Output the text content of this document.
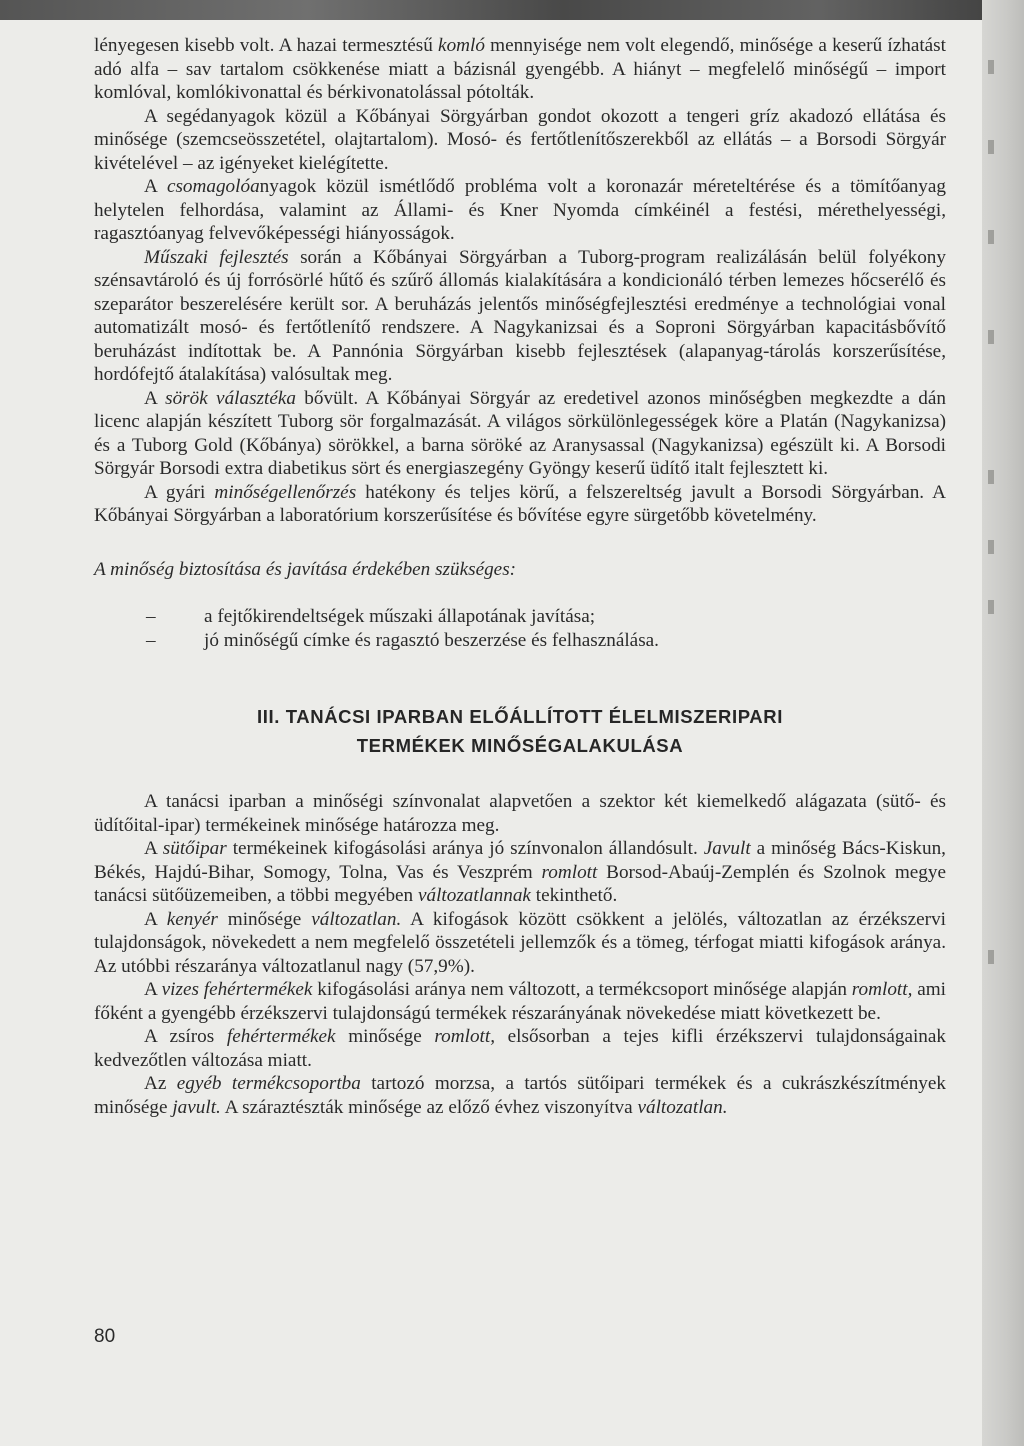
lényegesen kisebb volt. A hazai termesztésű komló mennyisége nem volt elegendő, minősége a keserű ízhatást adó alfa – sav tartalom csökkenése miatt a bázisnál gyengébb. A hiányt – megfelelő minőségű – import komlóval, komlókivonattal és bérkivonatolással pótolták.

A segédanyagok közül a Kőbányai Sörgyárban gondot okozott a tengeri gríz akadozó ellátása és minősége (szemcseösszetétel, olajtartalom). Mosó- és fertőtlenítőszerekből az ellátás – a Borsodi Sörgyár kivételével – az igényeket kielégítette.

A csomagolóanyagok közül ismétlődő probléma volt a koronazár méreteltérése és a tömítőanyag helytelen felhordása, valamint az Állami- és Kner Nyomda címkéinél a festési, mérethelyességi, ragasztóanyag felvevőképességi hiányosságok.

Műszaki fejlesztés során a Kőbányai Sörgyárban a Tuborg-program realizálásán belül folyékony szénsavtároló és új forrósörlé hűtő és szűrő állomás kialakítására a kondicionáló térben lemezes hőcserélő és szeparátor beszerelésére került sor. A beruházás jelentős minőségfejlesztési eredménye a technológiai vonal automatizált mosó- és fertőtlenítő rendszere. A Nagykanizsai és a Soproni Sörgyárban kapacitásbővítő beruházást indítottak be. A Pannónia Sörgyárban kisebb fejlesztések (alapanyag-tárolás korszerűsítése, hordófejtő átalakítása) valósultak meg.

A sörök választéka bővült. A Kőbányai Sörgyár az eredetivel azonos minőségben megkezdte a dán licenc alapján készített Tuborg sör forgalmazását. A világos sörkülönlegességek köre a Platán (Nagykanizsa) és a Tuborg Gold (Kőbánya) sörökkel, a barna söröké az Aranysassal (Nagykanizsa) egészült ki. A Borsodi Sörgyár Borsodi extra diabetikus sört és energiaszegény Gyöngy keserű üdítő italt fejlesztett ki.

A gyári minőségellenőrzés hatékony és teljes körű, a felszereltség javult a Borsodi Sörgyárban. A Kőbányai Sörgyárban a laboratórium korszerűsítése és bővítése egyre sürgetőbb követelmény.

A minőség biztosítása és javítása érdekében szükséges:

–	a fejtőkirendeltségek műszaki állapotának javítása;
–	jó minőségű címke és ragasztó beszerzése és felhasználása.
III. TANÁCSI IPARBAN ELŐÁLLÍTOTT ÉLELMISZERIPARI
TERMÉKEK MINŐSÉGALAKULÁSA

A tanácsi iparban a minőségi színvonalat alapvetően a szektor két kiemelkedő alágazata (sütő- és üdítőital-ipar) termékeinek minősége határozza meg.

A sütőipar termékeinek kifogásolási aránya jó színvonalon állandósult. Javult a minőség Bács-Kiskun, Békés, Hajdú-Bihar, Somogy, Tolna, Vas és Veszprém romlott Borsod-Abaúj-Zemplén és Szolnok megye tanácsi sütőüzemeiben, a többi megyében változatlannak tekinthető.

A kenyér minősége változatlan. A kifogások között csökkent a jelölés, változatlan az érzékszervi tulajdonságok, növekedett a nem megfelelő összetételi jellemzők és a tömeg, térfogat miatti kifogások aránya. Az utóbbi részaránya változatlanul nagy (57,9%).

A vizes fehértermékek kifogásolási aránya nem változott, a termékcsoport minősége alapján romlott, ami főként a gyengébb érzékszervi tulajdonságú termékek részarányának növekedése miatt következett be.

A zsíros fehértermékek minősége romlott, elsősorban a tejes kifli érzékszervi tulajdonságainak kedvezőtlen változása miatt.

Az egyéb termékcsoportba tartozó morzsa, a tartós sütőipari termékek és a cukrászkészítmények minősége javult. A száraztészták minősége az előző évhez viszonyítva változatlan.

80
